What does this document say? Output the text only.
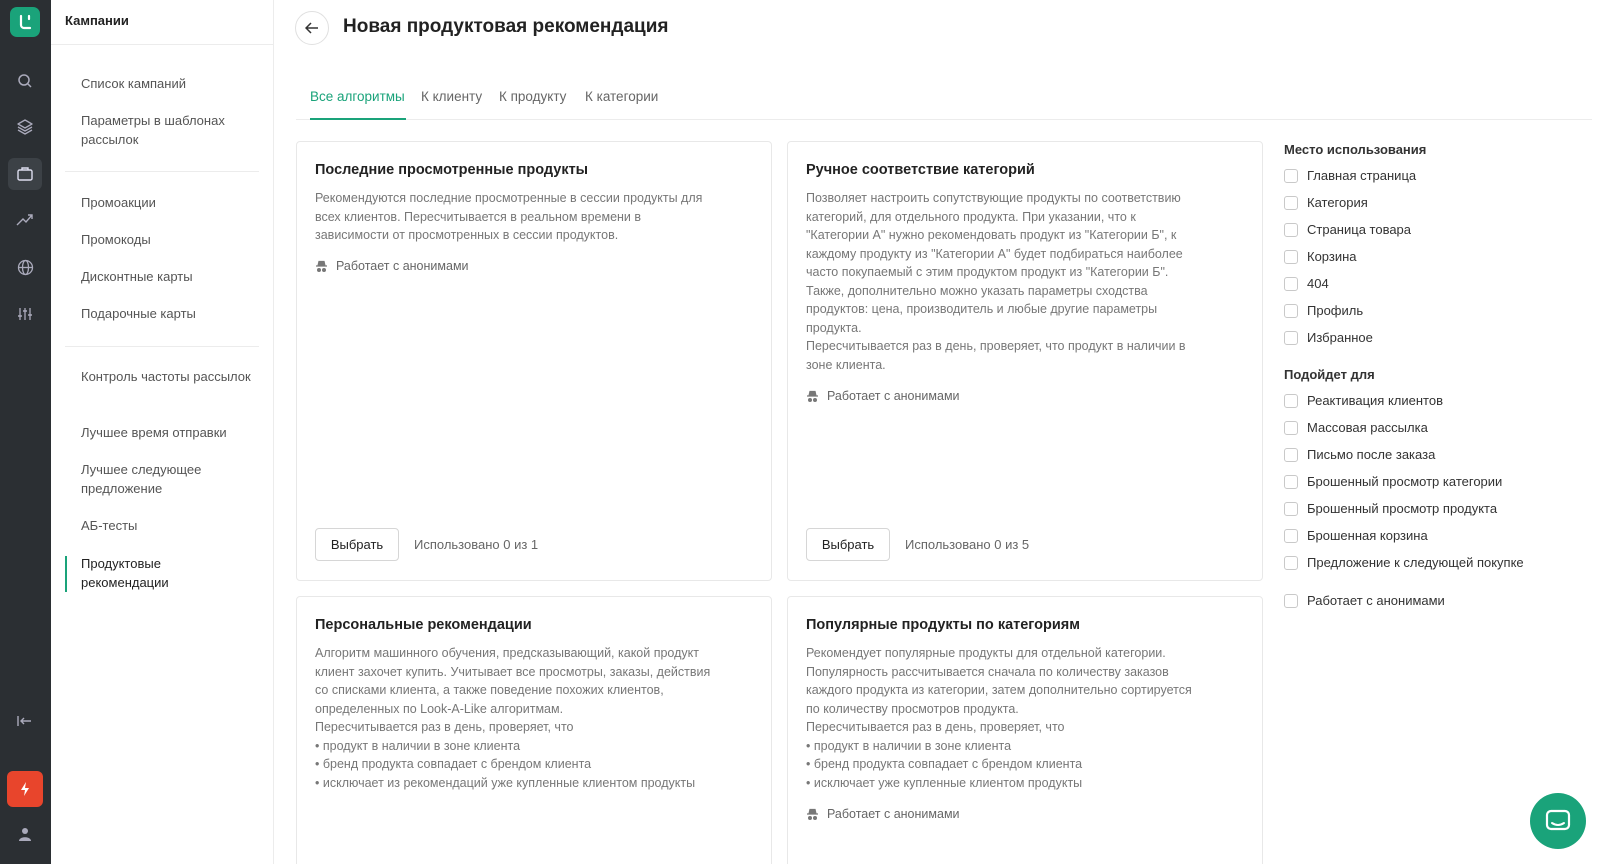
Кампании
Список кампаний
Параметры в шаблонах рассылок
Промоакции
Промокоды
Дисконтные карты
Подарочные карты
Контроль частоты рассылок
Лучшее время отправки
Лучшее следующее предложение
АБ-тесты
Продуктовые рекомендации
Новая продуктовая рекомендация
Все алгоритмы К клиенту К продукту К категории
Последние просмотренные продукты
Рекомендуются последние просмотренные в сессии продукты для
всех клиентов. Пересчитывается в реальном времени в
зависимости от просмотренных в сессии продуктов.
Работает с анонимами
Выбрать	Использовано 0 из 1
Ручное соответствие категорий
Позволяет настроить сопутствующие продукты по соответствию
категорий, для отдельного продукта. При указании, что к
"Категории А" нужно рекомендовать продукт из "Категории Б", к
каждому продукту из "Категории А" будет подбираться наиболее
часто покупаемый с этим продуктом продукт из "Категории Б".
Также, дополнительно можно указать параметры сходства
продуктов: цена, производитель и любые другие параметры
продукта.
Пересчитывается раз в день, проверяет, что продукт в наличии в
зоне клиента.
Работает с анонимами
Выбрать	Использовано 0 из 5
Персональные рекомендации
Алгоритм машинного обучения, предсказывающий, какой продукт
клиент захочет купить. Учитывает все просмотры, заказы, действия
со списками клиента, а также поведение похожих клиентов,
определенных по Look-A-Like алгоритмам.
Пересчитывается раз в день, проверяет, что
• продукт в наличии в зоне клиента
• бренд продукта совпадает с брендом клиента
• исключает из рекомендаций уже купленные клиентом продукты
Популярные продукты по категориям
Рекомендует популярные продукты для отдельной категории.
Популярность рассчитывается сначала по количеству заказов
каждого продукта из категории, затем дополнительно сортируется
по количеству просмотров продукта.
Пересчитывается раз в день, проверяет, что
• продукт в наличии в зоне клиента
• бренд продукта совпадает с брендом клиента
• исключает уже купленные клиентом продукты
Работает с анонимами
Место использования
Главная страница
Категория
Страница товара
Корзина
404
Профиль
Избранное
Подойдет для
Реактивация клиентов
Массовая рассылка
Письмо после заказа
Брошенный просмотр категории
Брошенный просмотр продукта
Брошенная корзина
Предложение к следующей покупке
Работает с анонимами
